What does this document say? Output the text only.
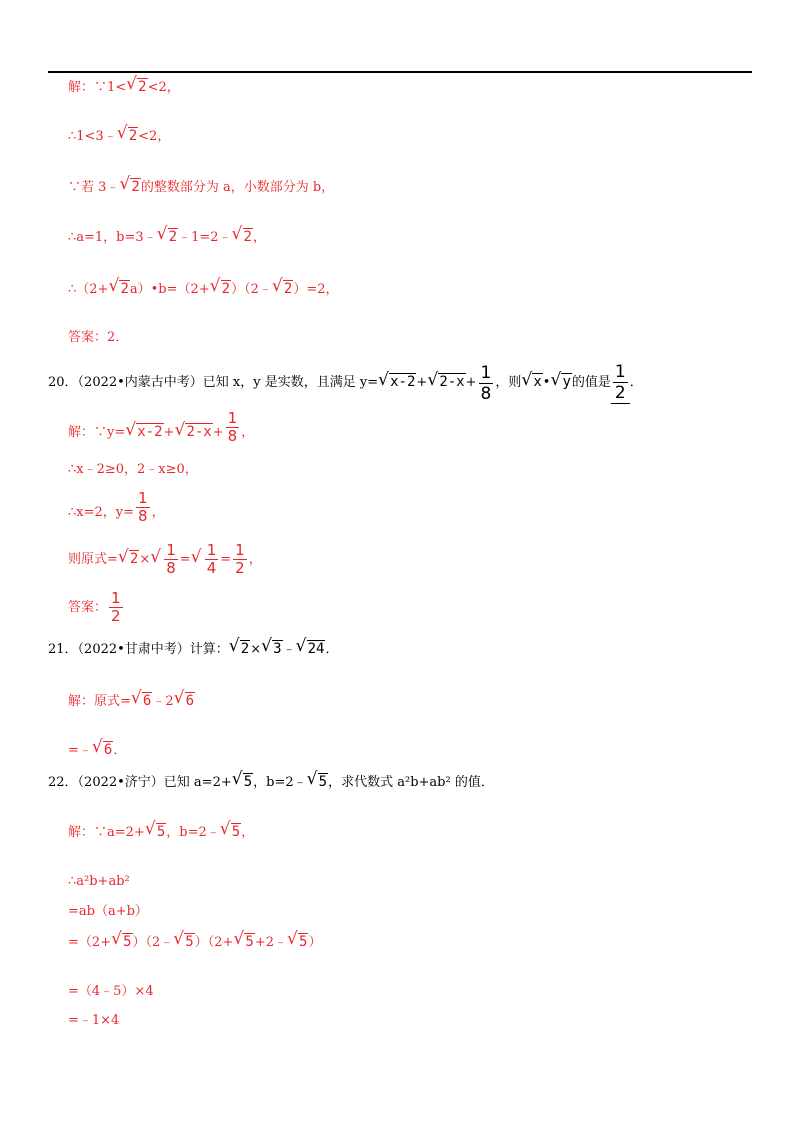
解：∵1< √ 2<2，
∴1<3﹣ √ 2<2，
∵若 3﹣ √ 2的整数部分为 a，小数部分为 b，
∴a=1，b=3﹣ √ 2﹣1=2﹣ √ 2，
∴（2+ √ 2a）•b=（2+ √ 2）（2﹣ √ 2）=2，
答案：2．
20．（2022•内蒙古中考）已知 x，y 是实数，且满足 y= √ x-2+ √ $2-x+ \frac{1}{8}$ ，则 √ x• √ y的值是 $\frac{1}{2}$ ．
解：∵y= √ x-2+ √ $2-x+ \frac{1}{8}$ ，
∴x﹣2≥0，2﹣x≥0，
∴x=2，$y= \frac{1}{8}$ ，
则原式= √ 2× √ $\frac{1}{8}$ = √ $\frac{1}{4} = \frac{1}{2}$ ，
答案： $\frac{1}{2}$
21．（2022•甘肃中考）计算： √ 2× √ 3﹣ √ 24．
解：原式= √ 6﹣2 √ 6
=﹣ √ 6．
22．（2022•济宁）已知 a=2+ √ 5，b=2﹣ √ 5，求代数式 a²b+ab² 的值．
解：∵a=2+ √ 5，b=2﹣ √ 5，
∴a²b+ab²
=ab（a+b）
=（2+ √ 5）（2﹣ √ 5）（2+ √ 5+2﹣ √ 5）
=（4﹣5）×4
=﹣1×4
